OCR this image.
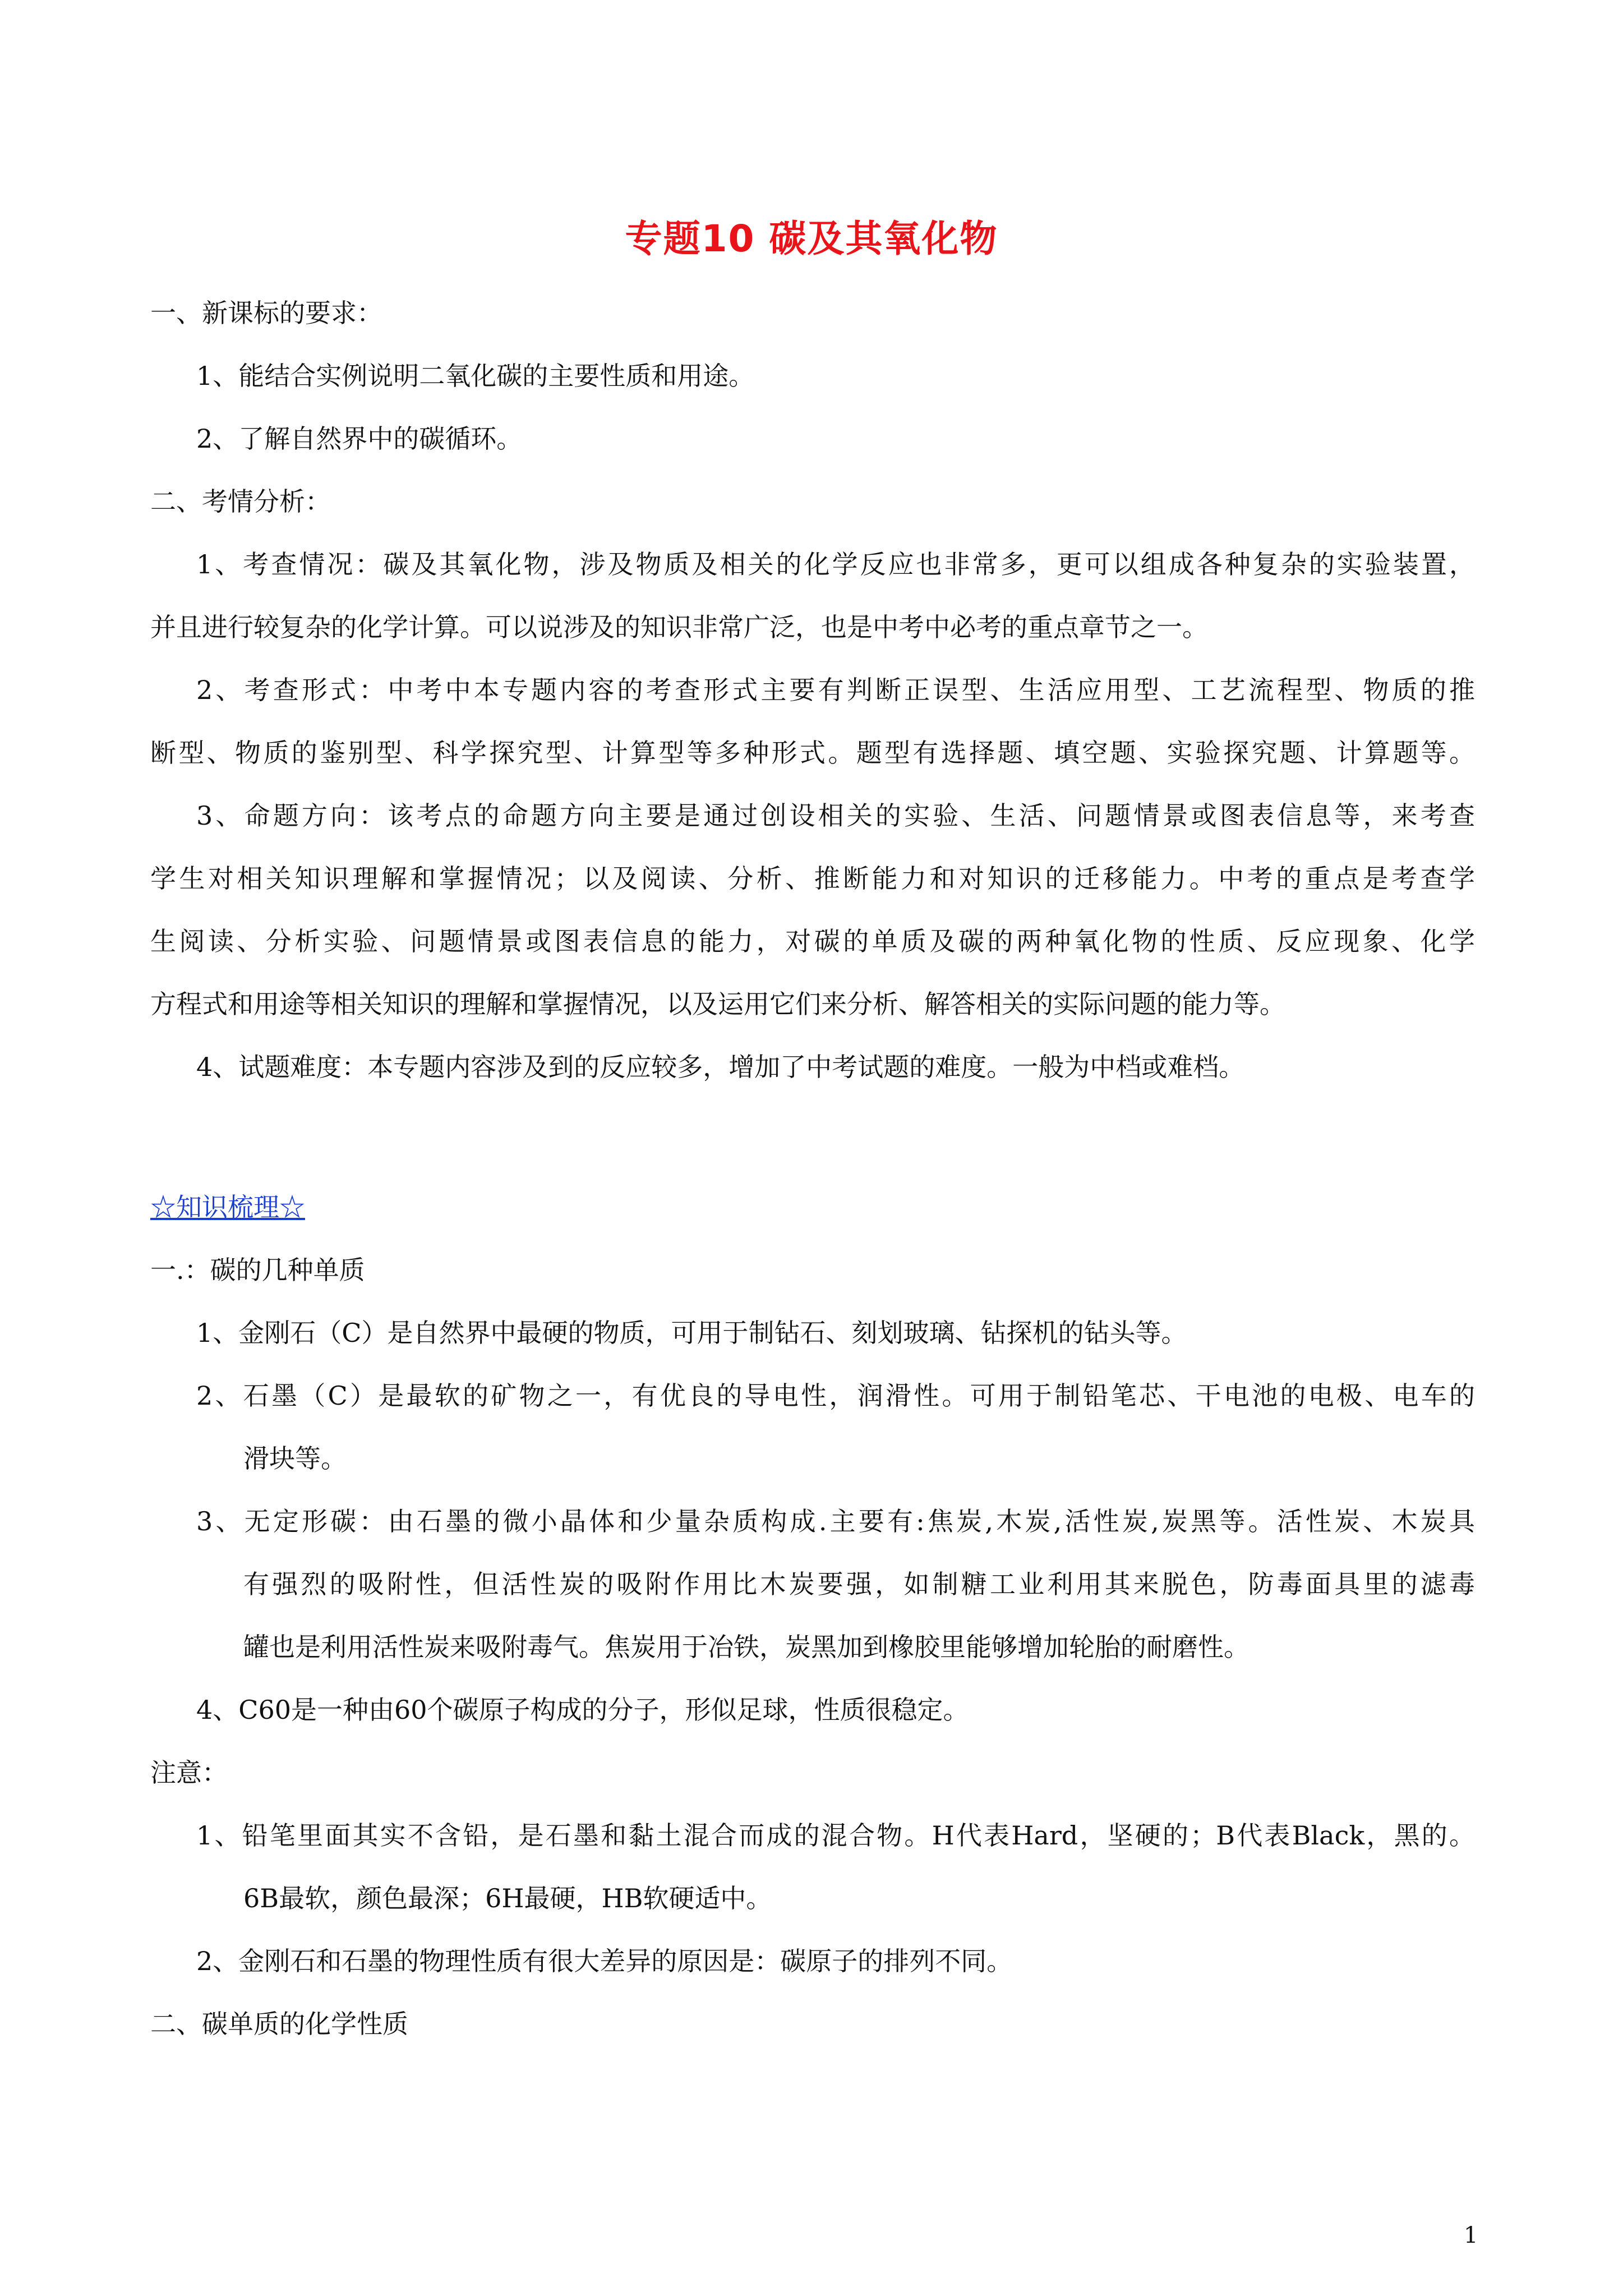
专题10 碳及其氧化物
一、新课标的要求：
1、能结合实例说明二氧化碳的主要性质和用途。
2、了解自然界中的碳循环。
二、考情分析：
1、考查情况：碳及其氧化物，涉及物质及相关的化学反应也非常多，更可以组成各种复杂的实验装置，
并且进行较复杂的化学计算。可以说涉及的知识非常广泛，也是中考中必考的重点章节之一。
2、考查形式：中考中本专题内容的考查形式主要有判断正误型、生活应用型、工艺流程型、物质的推
断型、物质的鉴别型、科学探究型、计算型等多种形式。题型有选择题、填空题、实验探究题、计算题等。
3、命题方向：该考点的命题方向主要是通过创设相关的实验、生活、问题情景或图表信息等，来考查
学生对相关知识理解和掌握情况；以及阅读、分析、推断能力和对知识的迁移能力。中考的重点是考查学
生阅读、分析实验、问题情景或图表信息的能力，对碳的单质及碳的两种氧化物的性质、反应现象、化学
方程式和用途等相关知识的理解和掌握情况，以及运用它们来分析、解答相关的实际问题的能力等。
4、试题难度：本专题内容涉及到的反应较多，增加了中考试题的难度。一般为中档或难档。
☆知识梳理☆
一.：碳的几种单质
1、金刚石（C）是自然界中最硬的物质，可用于制钻石、刻划玻璃、钻探机的钻头等。
2、石墨（C）是最软的矿物之一，有优良的导电性，润滑性。可用于制铅笔芯、干电池的电极、电车的
滑块等。
3、无定形碳：由石墨的微小晶体和少量杂质构成.主要有:焦炭,木炭,活性炭,炭黑等。活性炭、木炭具
有强烈的吸附性，但活性炭的吸附作用比木炭要强，如制糖工业利用其来脱色，防毒面具里的滤毒
罐也是利用活性炭来吸附毒气。焦炭用于冶铁，炭黑加到橡胶里能够增加轮胎的耐磨性。
4、C60是一种由60个碳原子构成的分子，形似足球，性质很稳定。
注意：
1、铅笔里面其实不含铅，是石墨和黏土混合而成的混合物。H代表Hard，坚硬的；B代表Black，黑的。
6B最软，颜色最深；6H最硬，HB软硬适中。
2、金刚石和石墨的物理性质有很大差异的原因是：碳原子的排列不同。
二、碳单质的化学性质
1
